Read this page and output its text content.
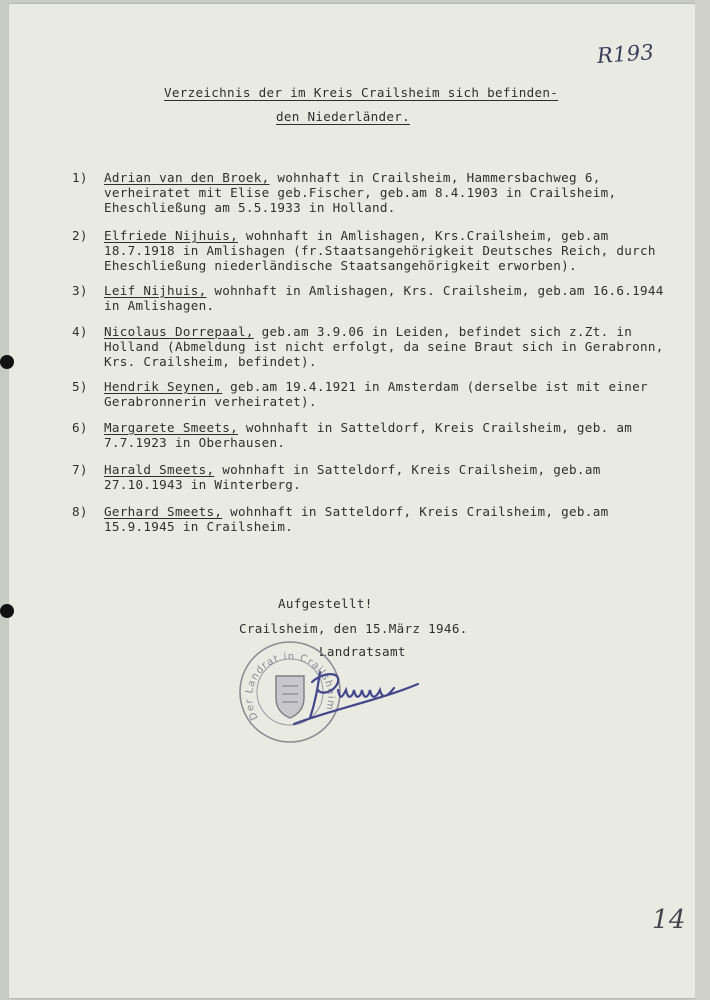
R193
Verzeichnis der im Kreis Crailsheim sich befinden-
den Niederländer.
1) Adrian van den Broek, wohnhaft in Crailsheim, Hammersbachweg 6, verheiratet mit Elise geb.Fischer, geb.am 8.4.1903 in Crailsheim, Eheschließung am 5.5.1933 in Holland.
2) Elfriede Nijhuis, wohnhaft in Amlishagen, Krs.Crailsheim, geb.am 18.7.1918 in Amlishagen (fr.Staatsangehörigkeit Deutsches Reich, durch Eheschließung niederländische Staatsangehörigkeit erworben).
3) Leif Nijhuis, wohnhaft in Amlishagen, Krs. Crailsheim, geb.am 16.6.1944 in Amlishagen.
4) Nicolaus Dorrepaal, geb.am 3.9.06 in Leiden, befindet sich z.Zt. in Holland (Abmeldung ist nicht erfolgt, da seine Braut sich in Gerabronn, Krs. Crailsheim, befindet).
5) Hendrik Seynen, geb.am 19.4.1921 in Amsterdam (derselbe ist mit einer Gerabronnerin verheiratet).
6) Margarete Smeets, wohnhaft in Satteldorf, Kreis Crailsheim, geb. am 7.7.1923 in Oberhausen.
7) Harald Smeets, wohnhaft in Satteldorf, Kreis Crailsheim, geb.am 27.10.1943 in Winterberg.
8) Gerhard Smeets, wohnhaft in Satteldorf, Kreis Crailsheim, geb.am 15.9.1945 in Crailsheim.
Aufgestellt!
Crailsheim, den 15.März 1946.
Landratsamt
Der Landrat in Crailsheim
14
